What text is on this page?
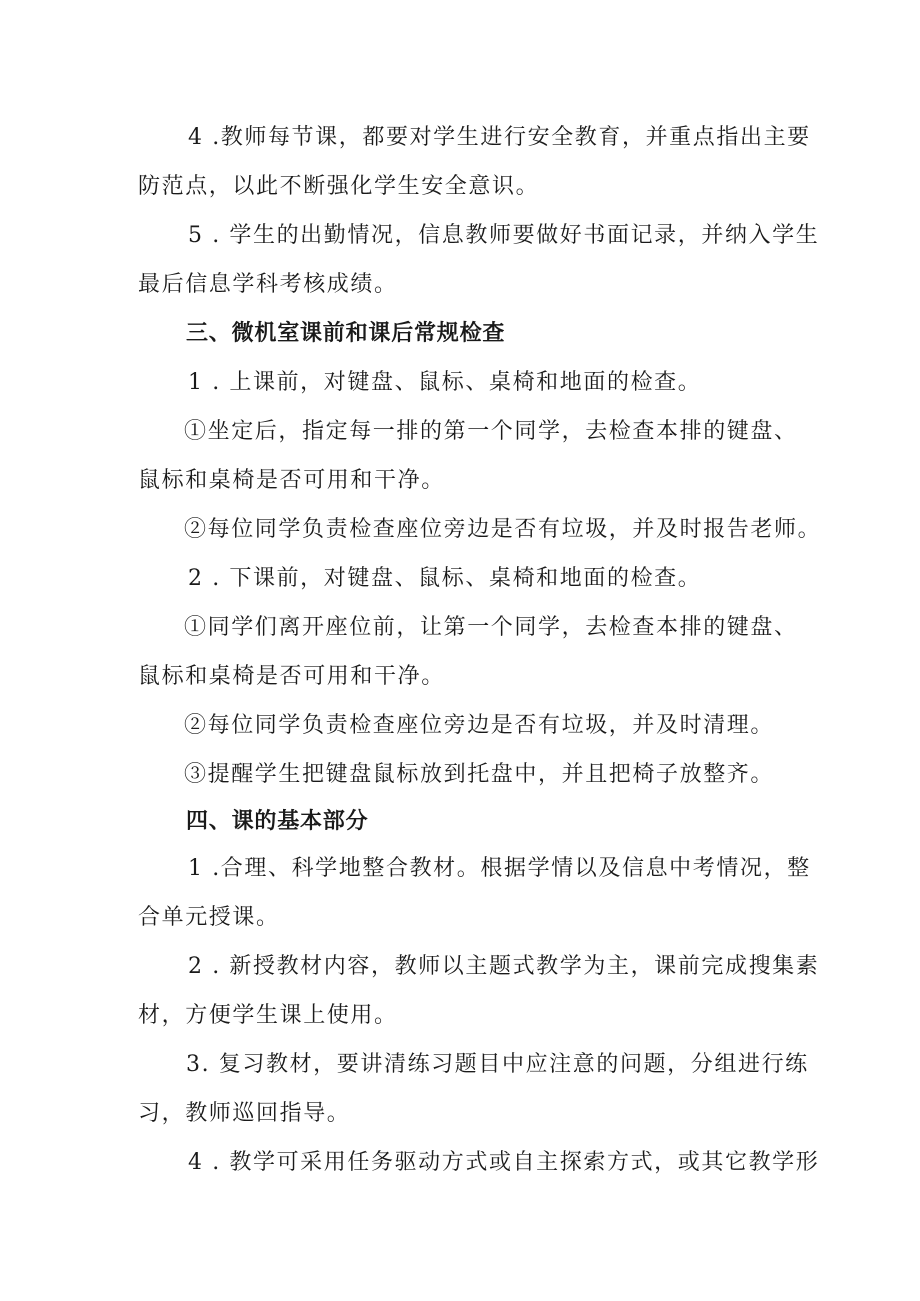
4 .教师每节课，都要对学生进行安全教育，并重点指出主要
防范点，以此不断强化学生安全意识。
5 . 学生的出勤情况，信息教师要做好书面记录，并纳入学生
最后信息学科考核成绩。
三、微机室课前和课后常规检查
1 . 上课前，对键盘、鼠标、桌椅和地面的检查。
①坐定后，指定每一排的第一个同学，去检查本排的键盘、
鼠标和桌椅是否可用和干净。
②每位同学负责检查座位旁边是否有垃圾，并及时报告老师。
2 . 下课前，对键盘、鼠标、桌椅和地面的检查。
①同学们离开座位前，让第一个同学，去检查本排的键盘、
鼠标和桌椅是否可用和干净。
②每位同学负责检查座位旁边是否有垃圾，并及时清理。
③提醒学生把键盘鼠标放到托盘中，并且把椅子放整齐。
四、课的基本部分
1 .合理、科学地整合教材。根据学情以及信息中考情况，整
合单元授课。
2 . 新授教材内容，教师以主题式教学为主，课前完成搜集素
材，方便学生课上使用。
3. 复习教材，要讲清练习题目中应注意的问题，分组进行练
习，教师巡回指导。
4 . 教学可采用任务驱动方式或自主探索方式，或其它教学形
